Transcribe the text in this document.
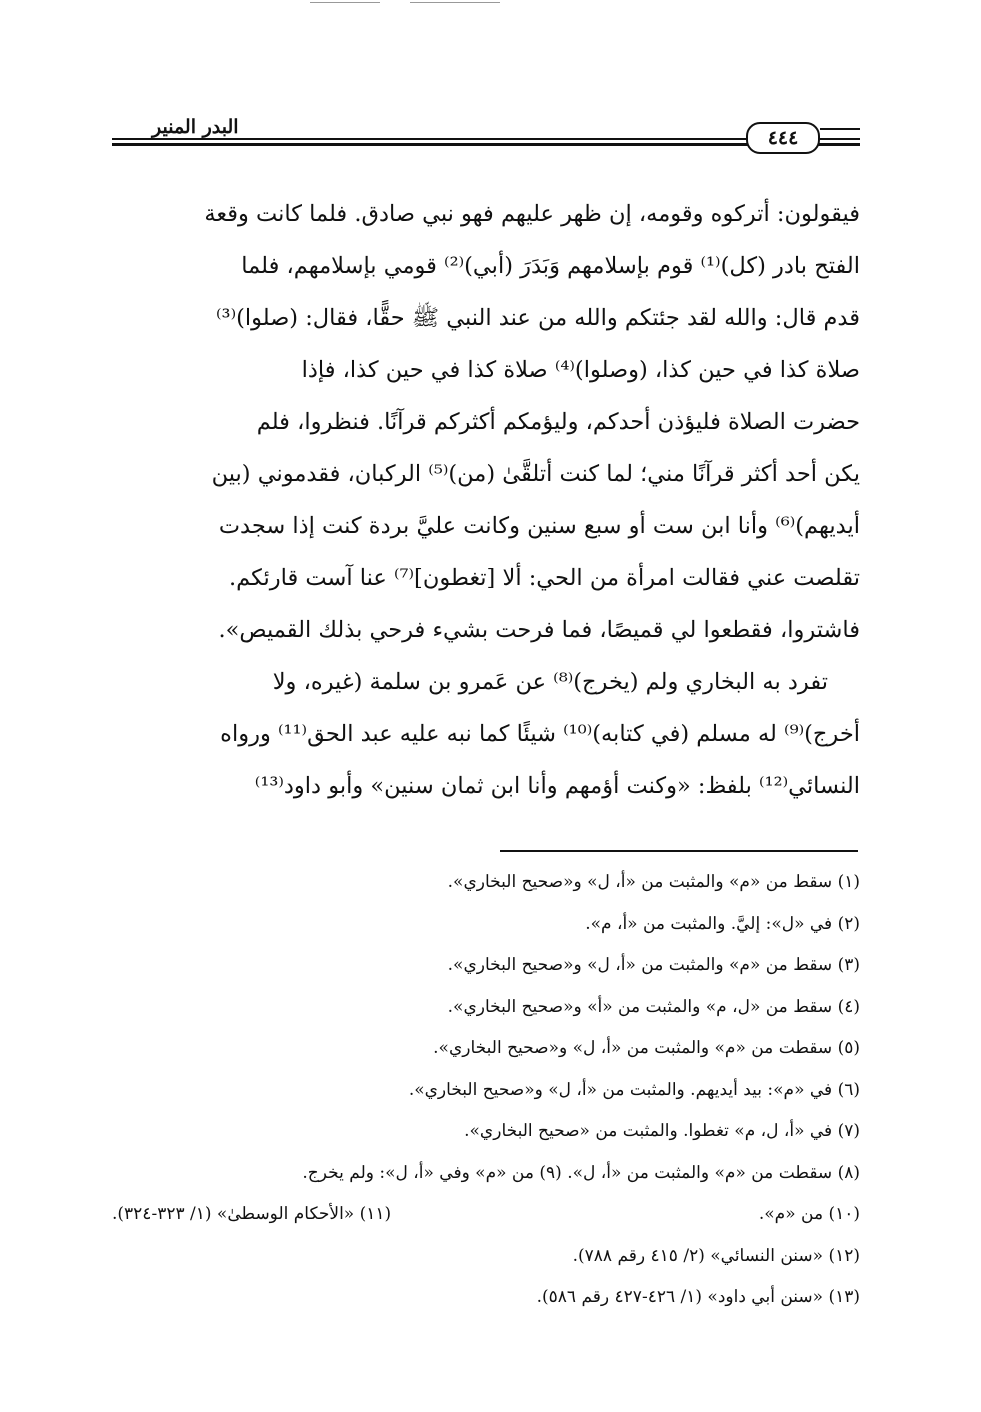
البدر المنير	٤٤٤

فيقولون: أتركوه وقومه، إن ظهر عليهم فهو نبي صادق. فلما كانت وقعة

الفتح بادر (كل)⁽¹⁾ قوم بإسلامهم وَبَدَرَ (أبي)⁽²⁾ قومي بإسلامهم، فلما

قدم قال: والله لقد جئتكم والله من عند النبي ﷺ حقًّا، فقال: (صلوا)⁽³⁾

صلاة كذا في حين كذا، (وصلوا)⁽⁴⁾ صلاة كذا في حين كذا، فإذا

حضرت الصلاة فليؤذن أحدكم، وليؤمكم أكثركم قرآنًا. فنظروا، فلم

يكن أحد أكثر قرآنًا مني؛ لما كنت أتلقَّىٰ (من)⁽⁵⁾ الركبان، فقدموني (بين

أيديهم)⁽⁶⁾ وأنا ابن ست أو سبع سنين وكانت عليَّ بردة كنت إذا سجدت

تقلصت عني فقالت امرأة من الحي: ألا [تغطون]⁽⁷⁾ عنا آست قارئكم.

فاشتروا، فقطعوا لي قميصًا، فما فرحت بشيء فرحي بذلك القميص».

تفرد به البخاري ولم (يخرج)⁽⁸⁾ عن عَمرو بن سلمة (غيره، ولا

أخرج)⁽⁹⁾ له مسلم (في كتابه)⁽¹⁰⁾ شيئًا كما نبه عليه عبد الحق⁽¹¹⁾ ورواه

النسائي⁽¹²⁾ بلفظ: «وكنت أؤمهم وأنا ابن ثمان سنين» وأبو داود⁽¹³⁾

(١) سقط من «م» والمثبت من «أ، ل» و«صحيح البخاري».
(٢) في «ل»: إليَّ. والمثبت من «أ، م».
(٣) سقط من «م» والمثبت من «أ، ل» و«صحيح البخاري».
(٤) سقط من «ل، م» والمثبت من «أ» و«صحيح البخاري».
(٥) سقطت من «م» والمثبت من «أ، ل» و«صحيح البخاري».
(٦) في «م»: بيد أيديهم. والمثبت من «أ، ل» و«صحيح البخاري».
(٧) في «أ، ل، م» تغطوا. والمثبت من «صحيح البخاري».
(٨) سقطت من «م» والمثبت من «أ، ل». (٩) من «م» وفي «أ، ل»: ولم يخرج.
(١٠) من «م».
(١١) «الأحكام الوسطىٰ» (١/ ٣٢٣-٣٢٤).
(١٢) «سنن النسائي» (٢/ ٤١٥ رقم ٧٨٨).
(١٣) «سنن أبي داود» (١/ ٤٢٦-٤٢٧ رقم ٥٨٦).
